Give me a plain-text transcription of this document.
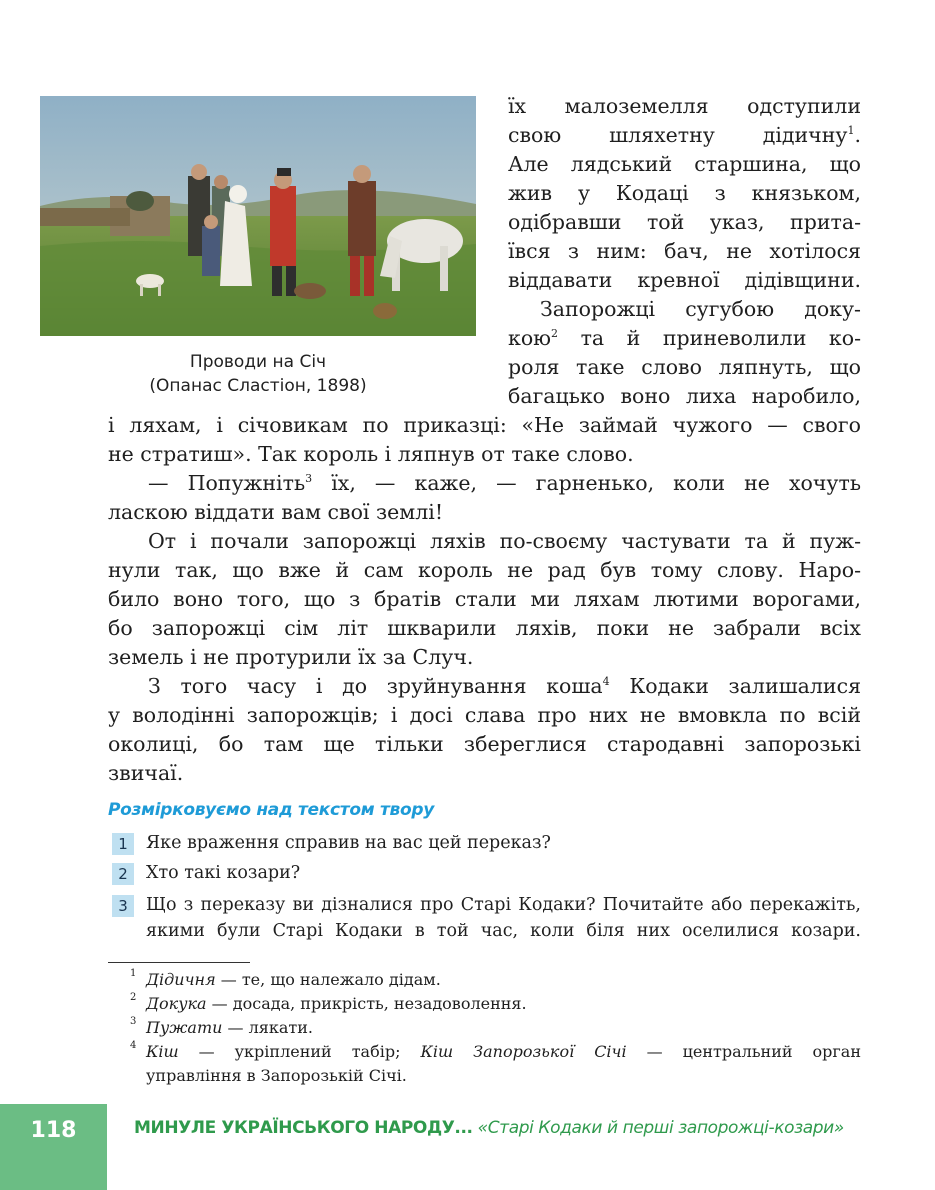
Проводи на Січ
(Опанас Сластіон, 1898)
їх малоземелля одступили
свою шляхетну дідичну$^1$.
Але лядський старшина, що
жив у Кодаці з князьком,
одібравши той указ, прита-
ївся з ним: бач, не хотілося
віддавати кревної дідівщини.
Запорожці сугубою доку-
кою$^2$ та й приневолили ко-
роля таке слово ляпнуть, що
багацько воно лиха наробило,
і ляхам, і січовикам по приказці: «Не займай чужого — свого
не стратиш». Так король і ляпнув от таке слово.
— Попужніть$^3$ їх, — каже, — гарненько, коли не хочуть
ласкою віддати вам свої землі!
От і почали запорожці ляхів по-своєму частувати та й пуж-
нули так, що вже й сам король не рад був тому слову. Наро-
било воно того, що з братів стали ми ляхам лютими ворогами,
бо запорожці сім літ шкварили ляхів, поки не забрали всіх
земель і не протурили їх за Случ.
З того часу і до зруйнування коша$^4$ Кодаки залишалися
у володінні запорожців; і досі слава про них не вмовкла по всій
околиці, бо там ще тільки збереглися стародавні запорозькі
звичаї.
Розмірковуємо над текстом твору
1	Яке враження справив на вас цей переказ?
2	Хто такі козари?
3	Що з переказу ви дізналися про Старі Кодаки? Почитайте або перекажіть,
якими були Старі Кодаки в той час, коли біля них оселилися козари.
1 Дідичня — те, що належало дідам.
2 Докука — досада, прикрість, незадоволення.
3 Пужати — лякати.
4 Кіш — укріплений табір; Кіш Запорозької Січі — центральний орган
управління в Запорозькій Січі.
118	МИНУЛЕ УКРАЇНСЬКОГО НАРОДУ... «Старі Кодаки й перші запорожці-козари»
